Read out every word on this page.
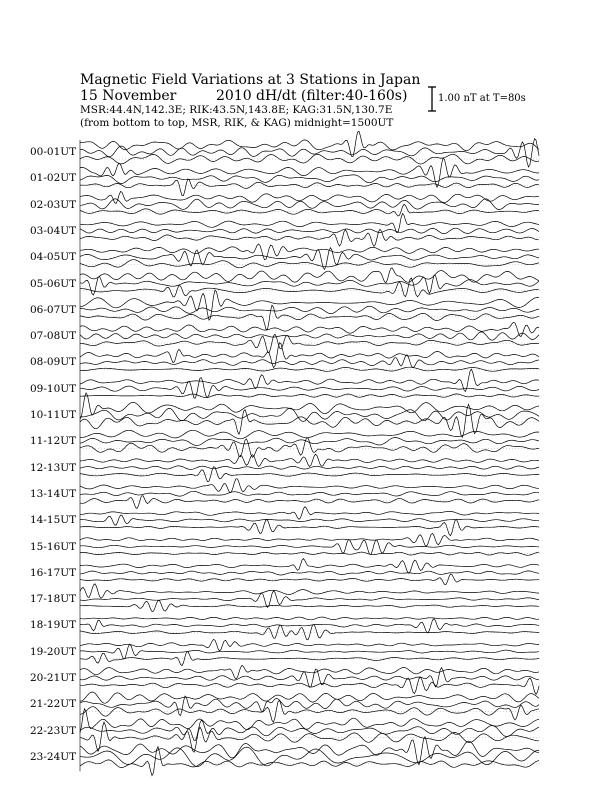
Magnetic Field Variations at 3 Stations in Japan
15 November	2010 dH/dt (filter:40-160s)
MSR:44.4N,142.3E; RIK:43.5N,143.8E; KAG:31.5N,130.7E
(from bottom to top, MSR, RIK, & KAG) midnight=1500UT
1.00 nT at T=80s
00-01UT
01-02UT
02-03UT
03-04UT
04-05UT
05-06UT
06-07UT
07-08UT
08-09UT
09-10UT
10-11UT
11-12UT
12-13UT
13-14UT
14-15UT
15-16UT
16-17UT
17-18UT
18-19UT
19-20UT
20-21UT
21-22UT
22-23UT
23-24UT
